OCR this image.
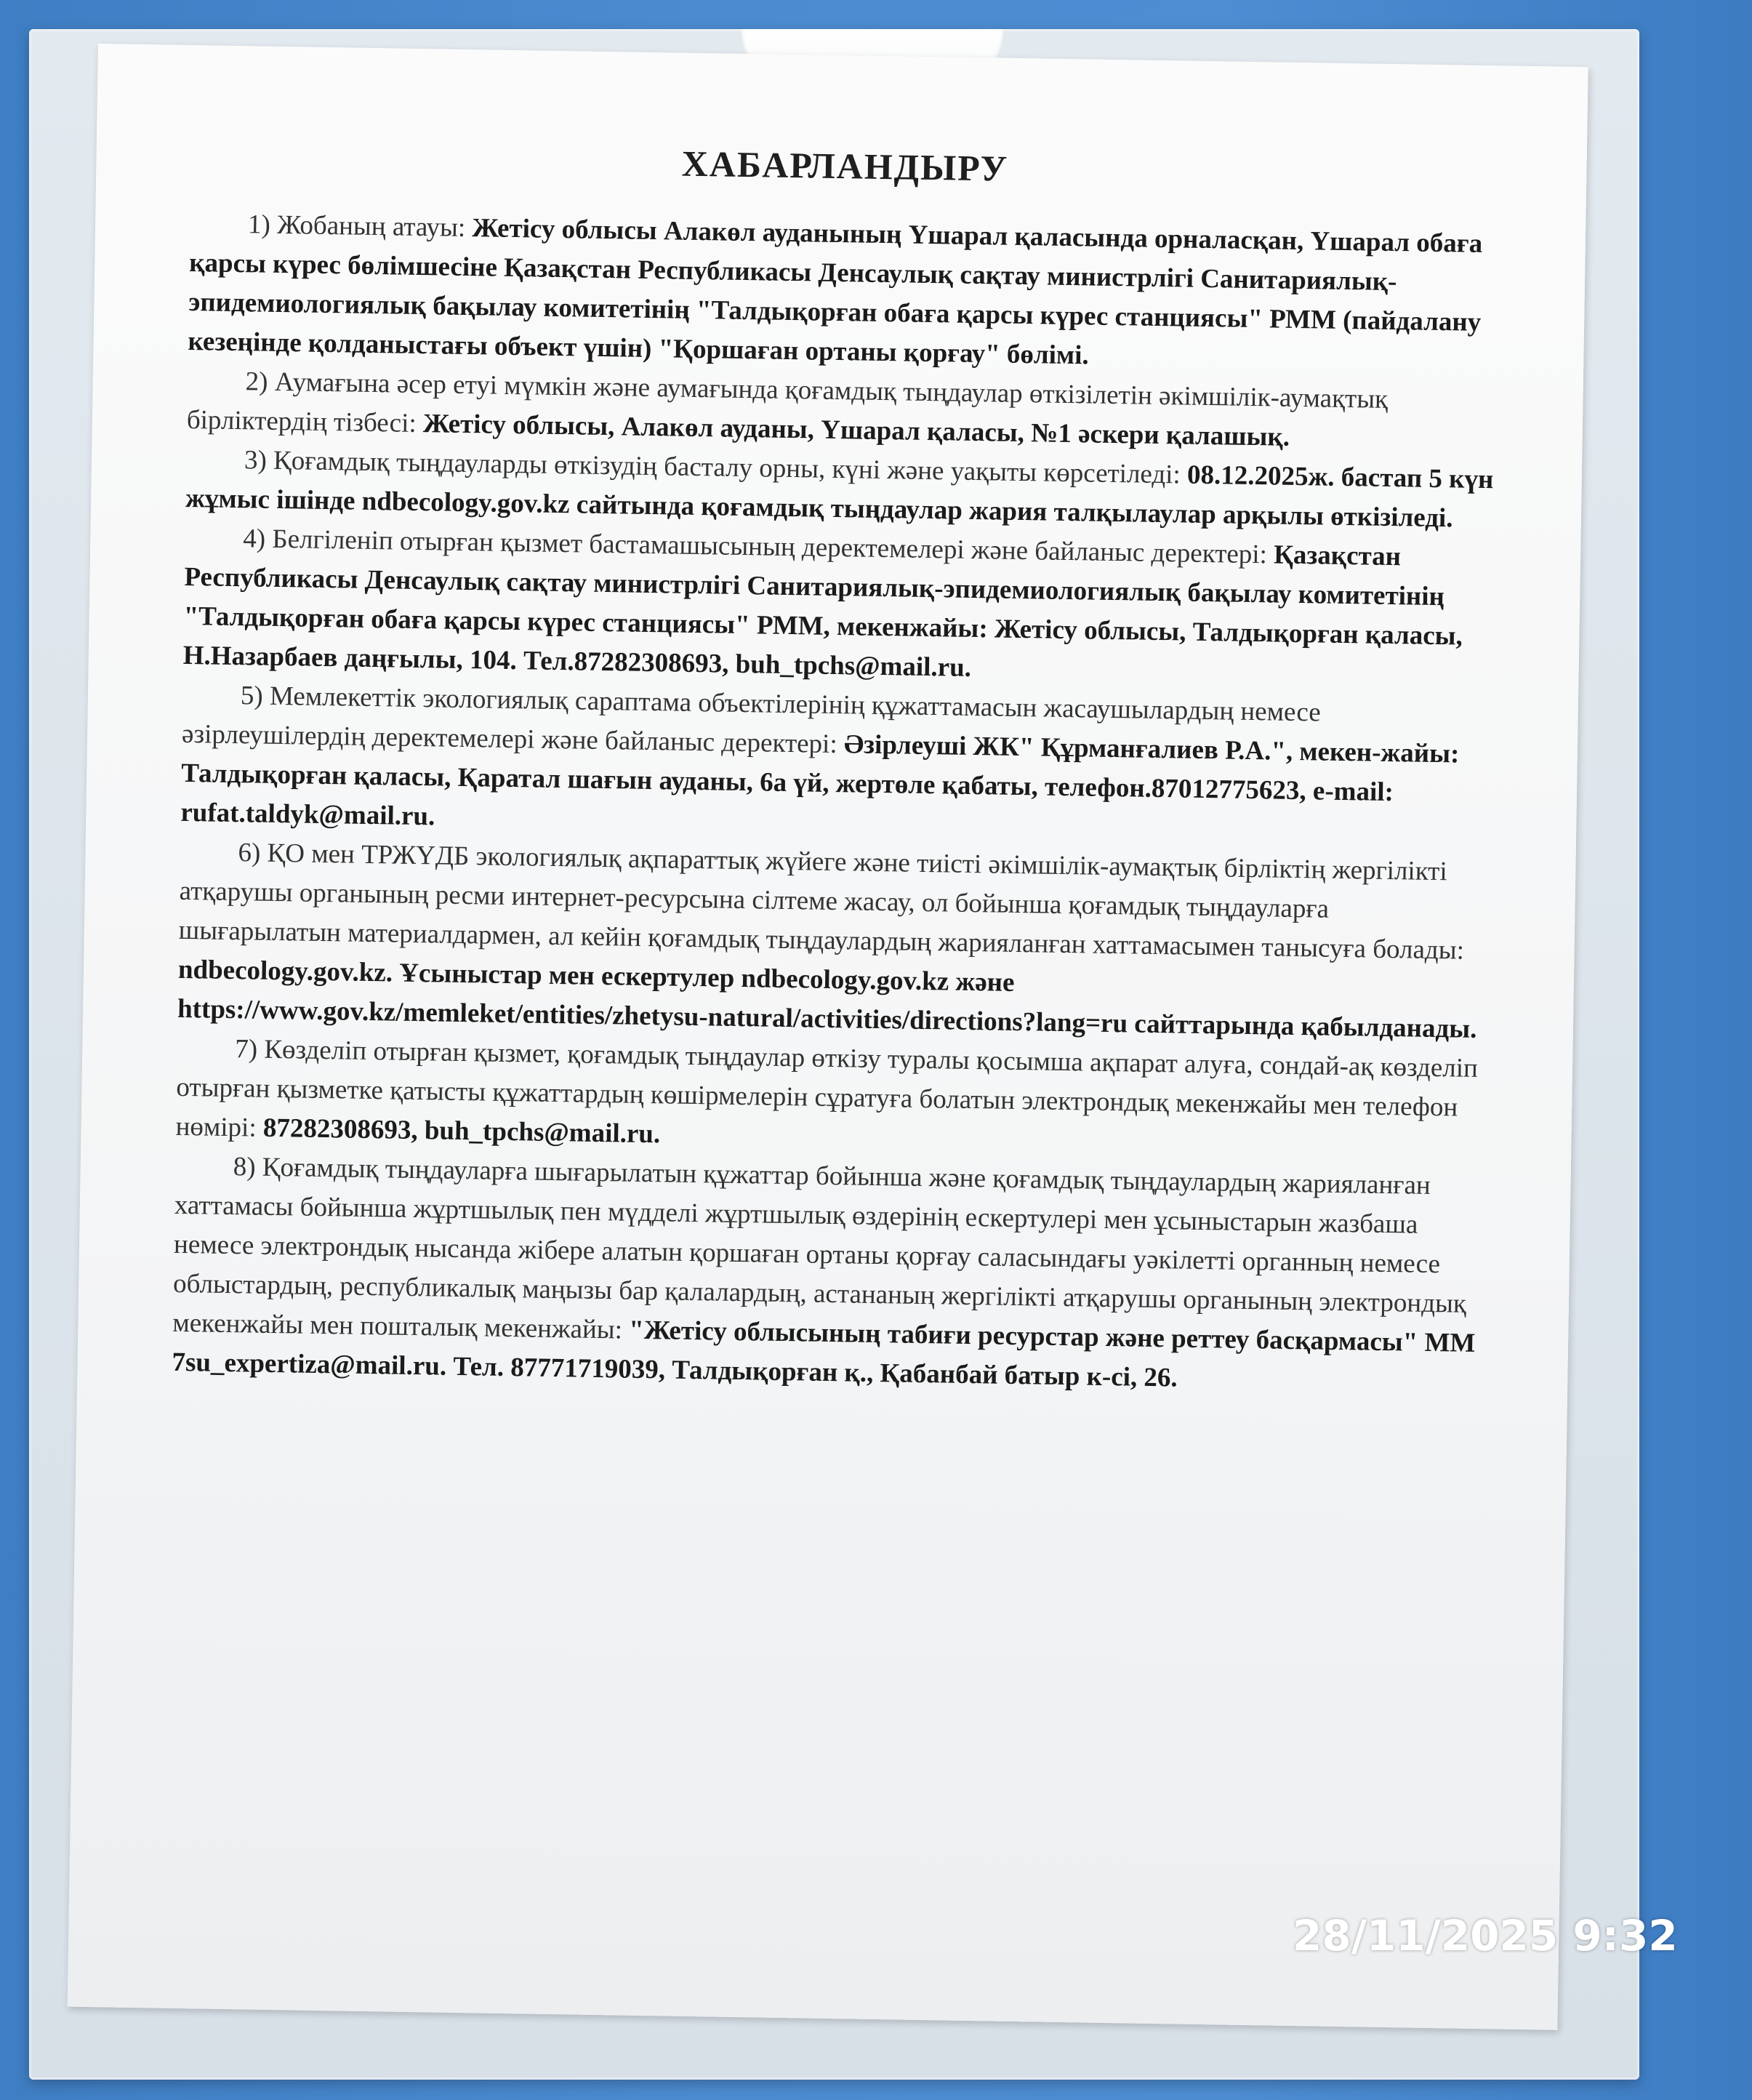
ХАБАРЛАНДЫРУ

1) Жобаның атауы: Жетісу облысы Алакөл ауданының Үшарал қаласында орналасқан, Үшарал обаға қарсы күрес бөлімшесіне Қазақстан Республикасы Денсаулық сақтау министрлігі Санитариялық-эпидемиологиялық бақылау комитетінің "Талдықорған обаға қарсы күрес станциясы" РММ (пайдалану кезеңінде қолданыстағы объект үшін) "Қоршаған ортаны қорғау" бөлімі.

2) Аумағына әсер етуі мүмкін және аумағында қоғамдық тыңдаулар өткізілетін әкімшілік-аумақтық бірліктердің тізбесі: Жетісу облысы, Алакөл ауданы, Үшарал қаласы, №1 әскери қалашық.

3) Қоғамдық тыңдауларды өткізудің басталу орны, күні және уақыты көрсетіледі: 08.12.2025ж. бастап 5 күн жұмыс ішінде ndbecology.gov.kz сайтында қоғамдық тыңдаулар жария талқылаулар арқылы өткізіледі.

4) Белгіленіп отырған қызмет бастамашысының деректемелері және байланыс деректері: Қазақстан Республикасы Денсаулық сақтау министрлігі Санитариялық-эпидемиологиялық бақылау комитетінің "Талдықорған обаға қарсы күрес станциясы" РММ, мекенжайы: Жетісу облысы, Талдықорған қаласы, Н.Назарбаев даңғылы, 104. Тел.87282308693, buh_tpchs@mail.ru.

5) Мемлекеттік экологиялық сараптама объектілерінің құжаттамасын жасаушылардың немесе әзірлеушілердің деректемелері және байланыс деректері: Әзірлеуші ЖК" Құрманғалиев Р.А.", мекен-жайы: Талдықорған қаласы, Қаратал шағын ауданы, 6а үй, жертөле қабаты, телефон.87012775623, e-mail: rufat.taldyk@mail.ru.

6) ҚО мен ТРЖҮДБ экологиялық ақпараттық жүйеге және тиісті әкімшілік-аумақтық бірліктің жергілікті атқарушы органының ресми интернет-ресурсына сілтеме жасау, ол бойынша қоғамдық тыңдауларға шығарылатын материалдармен, ал кейін қоғамдық тыңдаулардың жарияланған хаттамасымен танысуға болады: ndbecology.gov.kz. Ұсыныстар мен ескертулер ndbecology.gov.kz және https://www.gov.kz/memleket/entities/zhetysu-natural/activities/directions?lang=ru сайттарында қабылданады.

7) Көзделіп отырған қызмет, қоғамдық тыңдаулар өткізу туралы қосымша ақпарат алуға, сондай-ақ көзделіп отырған қызметке қатысты құжаттардың көшірмелерін сұратуға болатын электрондық мекенжайы мен телефон нөмірі: 87282308693, buh_tpchs@mail.ru.

8) Қоғамдық тыңдауларға шығарылатын құжаттар бойынша және қоғамдық тыңдаулардың жарияланған хаттамасы бойынша жұртшылық пен мүдделі жұртшылық өздерінің ескертулері мен ұсыныстарын жазбаша немесе электрондық нысанда жібере алатын қоршаған ортаны қорғау саласындағы уәкілетті органның немесе облыстардың, республикалық маңызы бар қалалардың, астананың жергілікті атқарушы органының электрондық мекенжайы мен пошталық мекенжайы: "Жетісу облысының табиғи ресурстар және реттеу басқармасы" ММ 7su_expertiza@mail.ru. Тел. 87771719039, Талдықорған қ., Қабанбай батыр к-сі, 26.

28/11/2025 9:32
